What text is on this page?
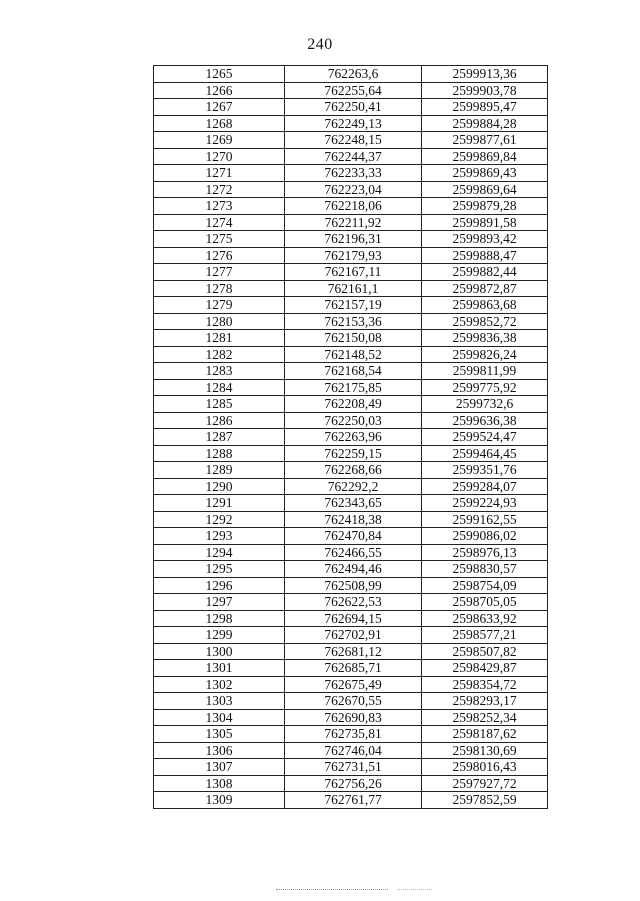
240
1265	762263,6	2599913,36
1266	762255,64	2599903,78
1267	762250,41	2599895,47
1268	762249,13	2599884,28
1269	762248,15	2599877,61
1270	762244,37	2599869,84
1271	762233,33	2599869,43
1272	762223,04	2599869,64
1273	762218,06	2599879,28
1274	762211,92	2599891,58
1275	762196,31	2599893,42
1276	762179,93	2599888,47
1277	762167,11	2599882,44
1278	762161,1	2599872,87
1279	762157,19	2599863,68
1280	762153,36	2599852,72
1281	762150,08	2599836,38
1282	762148,52	2599826,24
1283	762168,54	2599811,99
1284	762175,85	2599775,92
1285	762208,49	2599732,6
1286	762250,03	2599636,38
1287	762263,96	2599524,47
1288	762259,15	2599464,45
1289	762268,66	2599351,76
1290	762292,2	2599284,07
1291	762343,65	2599224,93
1292	762418,38	2599162,55
1293	762470,84	2599086,02
1294	762466,55	2598976,13
1295	762494,46	2598830,57
1296	762508,99	2598754,09
1297	762622,53	2598705,05
1298	762694,15	2598633,92
1299	762702,91	2598577,21
1300	762681,12	2598507,82
1301	762685,71	2598429,87
1302	762675,49	2598354,72
1303	762670,55	2598293,17
1304	762690,83	2598252,34
1305	762735,81	2598187,62
1306	762746,04	2598130,69
1307	762731,51	2598016,43
1308	762756,26	2597927,72
1309	762761,77	2597852,59
